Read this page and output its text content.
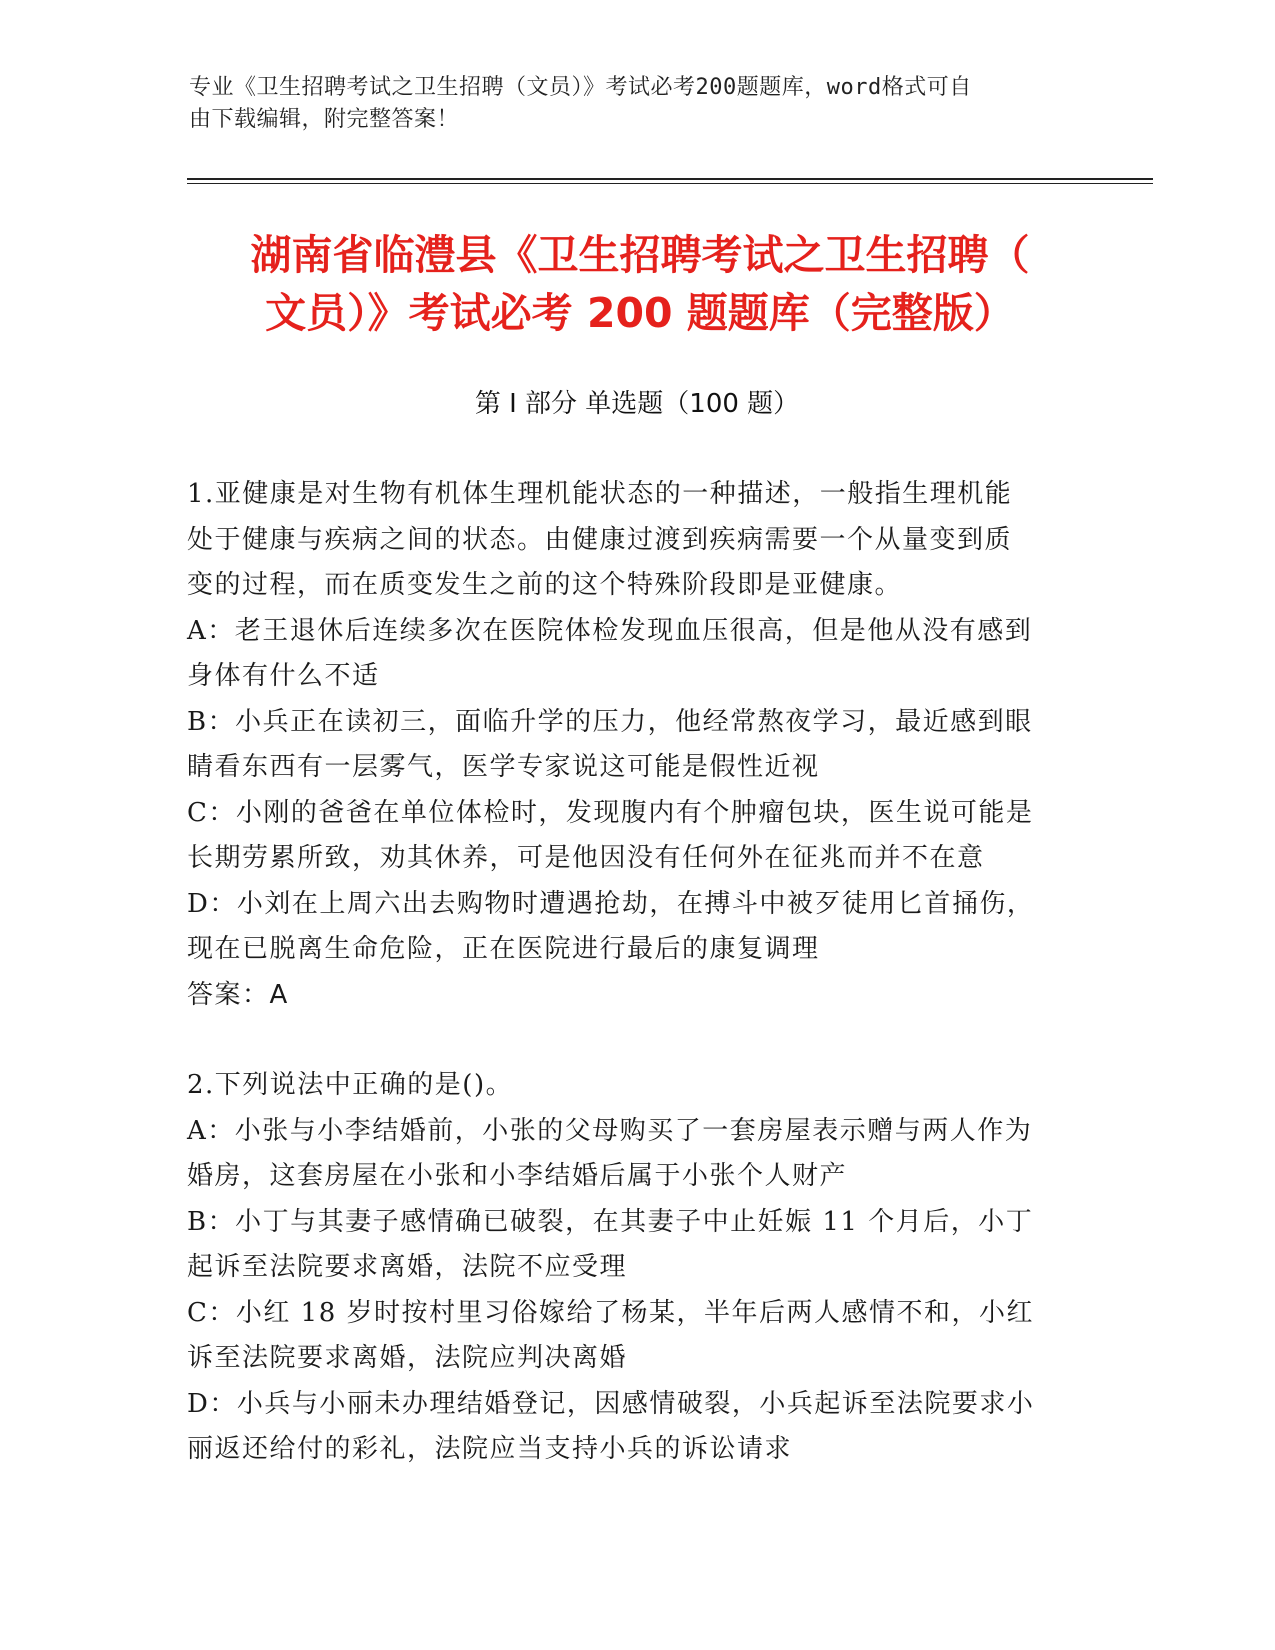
专业《卫生招聘考试之卫生招聘（文员）》考试必考200题题库，word格式可自
由下载编辑，附完整答案！
湖南省临澧县《卫生招聘考试之卫生招聘（
文员）》考试必考 200 题题库（完整版）
第 I 部分 单选题（100 题）
1.亚健康是对生物有机体生理机能状态的一种描述，一般指生理机能
处于健康与疾病之间的状态。由健康过渡到疾病需要一个从量变到质
变的过程，而在质变发生之前的这个特殊阶段即是亚健康。
A：老王退休后连续多次在医院体检发现血压很高，但是他从没有感到
身体有什么不适
B：小兵正在读初三，面临升学的压力，他经常熬夜学习，最近感到眼
睛看东西有一层雾气，医学专家说这可能是假性近视
C：小刚的爸爸在单位体检时，发现腹内有个肿瘤包块，医生说可能是
长期劳累所致，劝其休养，可是他因没有任何外在征兆而并不在意
D：小刘在上周六出去购物时遭遇抢劫，在搏斗中被歹徒用匕首捅伤，
现在已脱离生命危险，正在医院进行最后的康复调理
答案：A
2.下列说法中正确的是()。
A：小张与小李结婚前，小张的父母购买了一套房屋表示赠与两人作为
婚房，这套房屋在小张和小李结婚后属于小张个人财产
B：小丁与其妻子感情确已破裂，在其妻子中止妊娠 11 个月后，小丁
起诉至法院要求离婚，法院不应受理
C：小红 18 岁时按村里习俗嫁给了杨某，半年后两人感情不和，小红
诉至法院要求离婚，法院应判决离婚
D：小兵与小丽未办理结婚登记，因感情破裂，小兵起诉至法院要求小
丽返还给付的彩礼，法院应当支持小兵的诉讼请求
